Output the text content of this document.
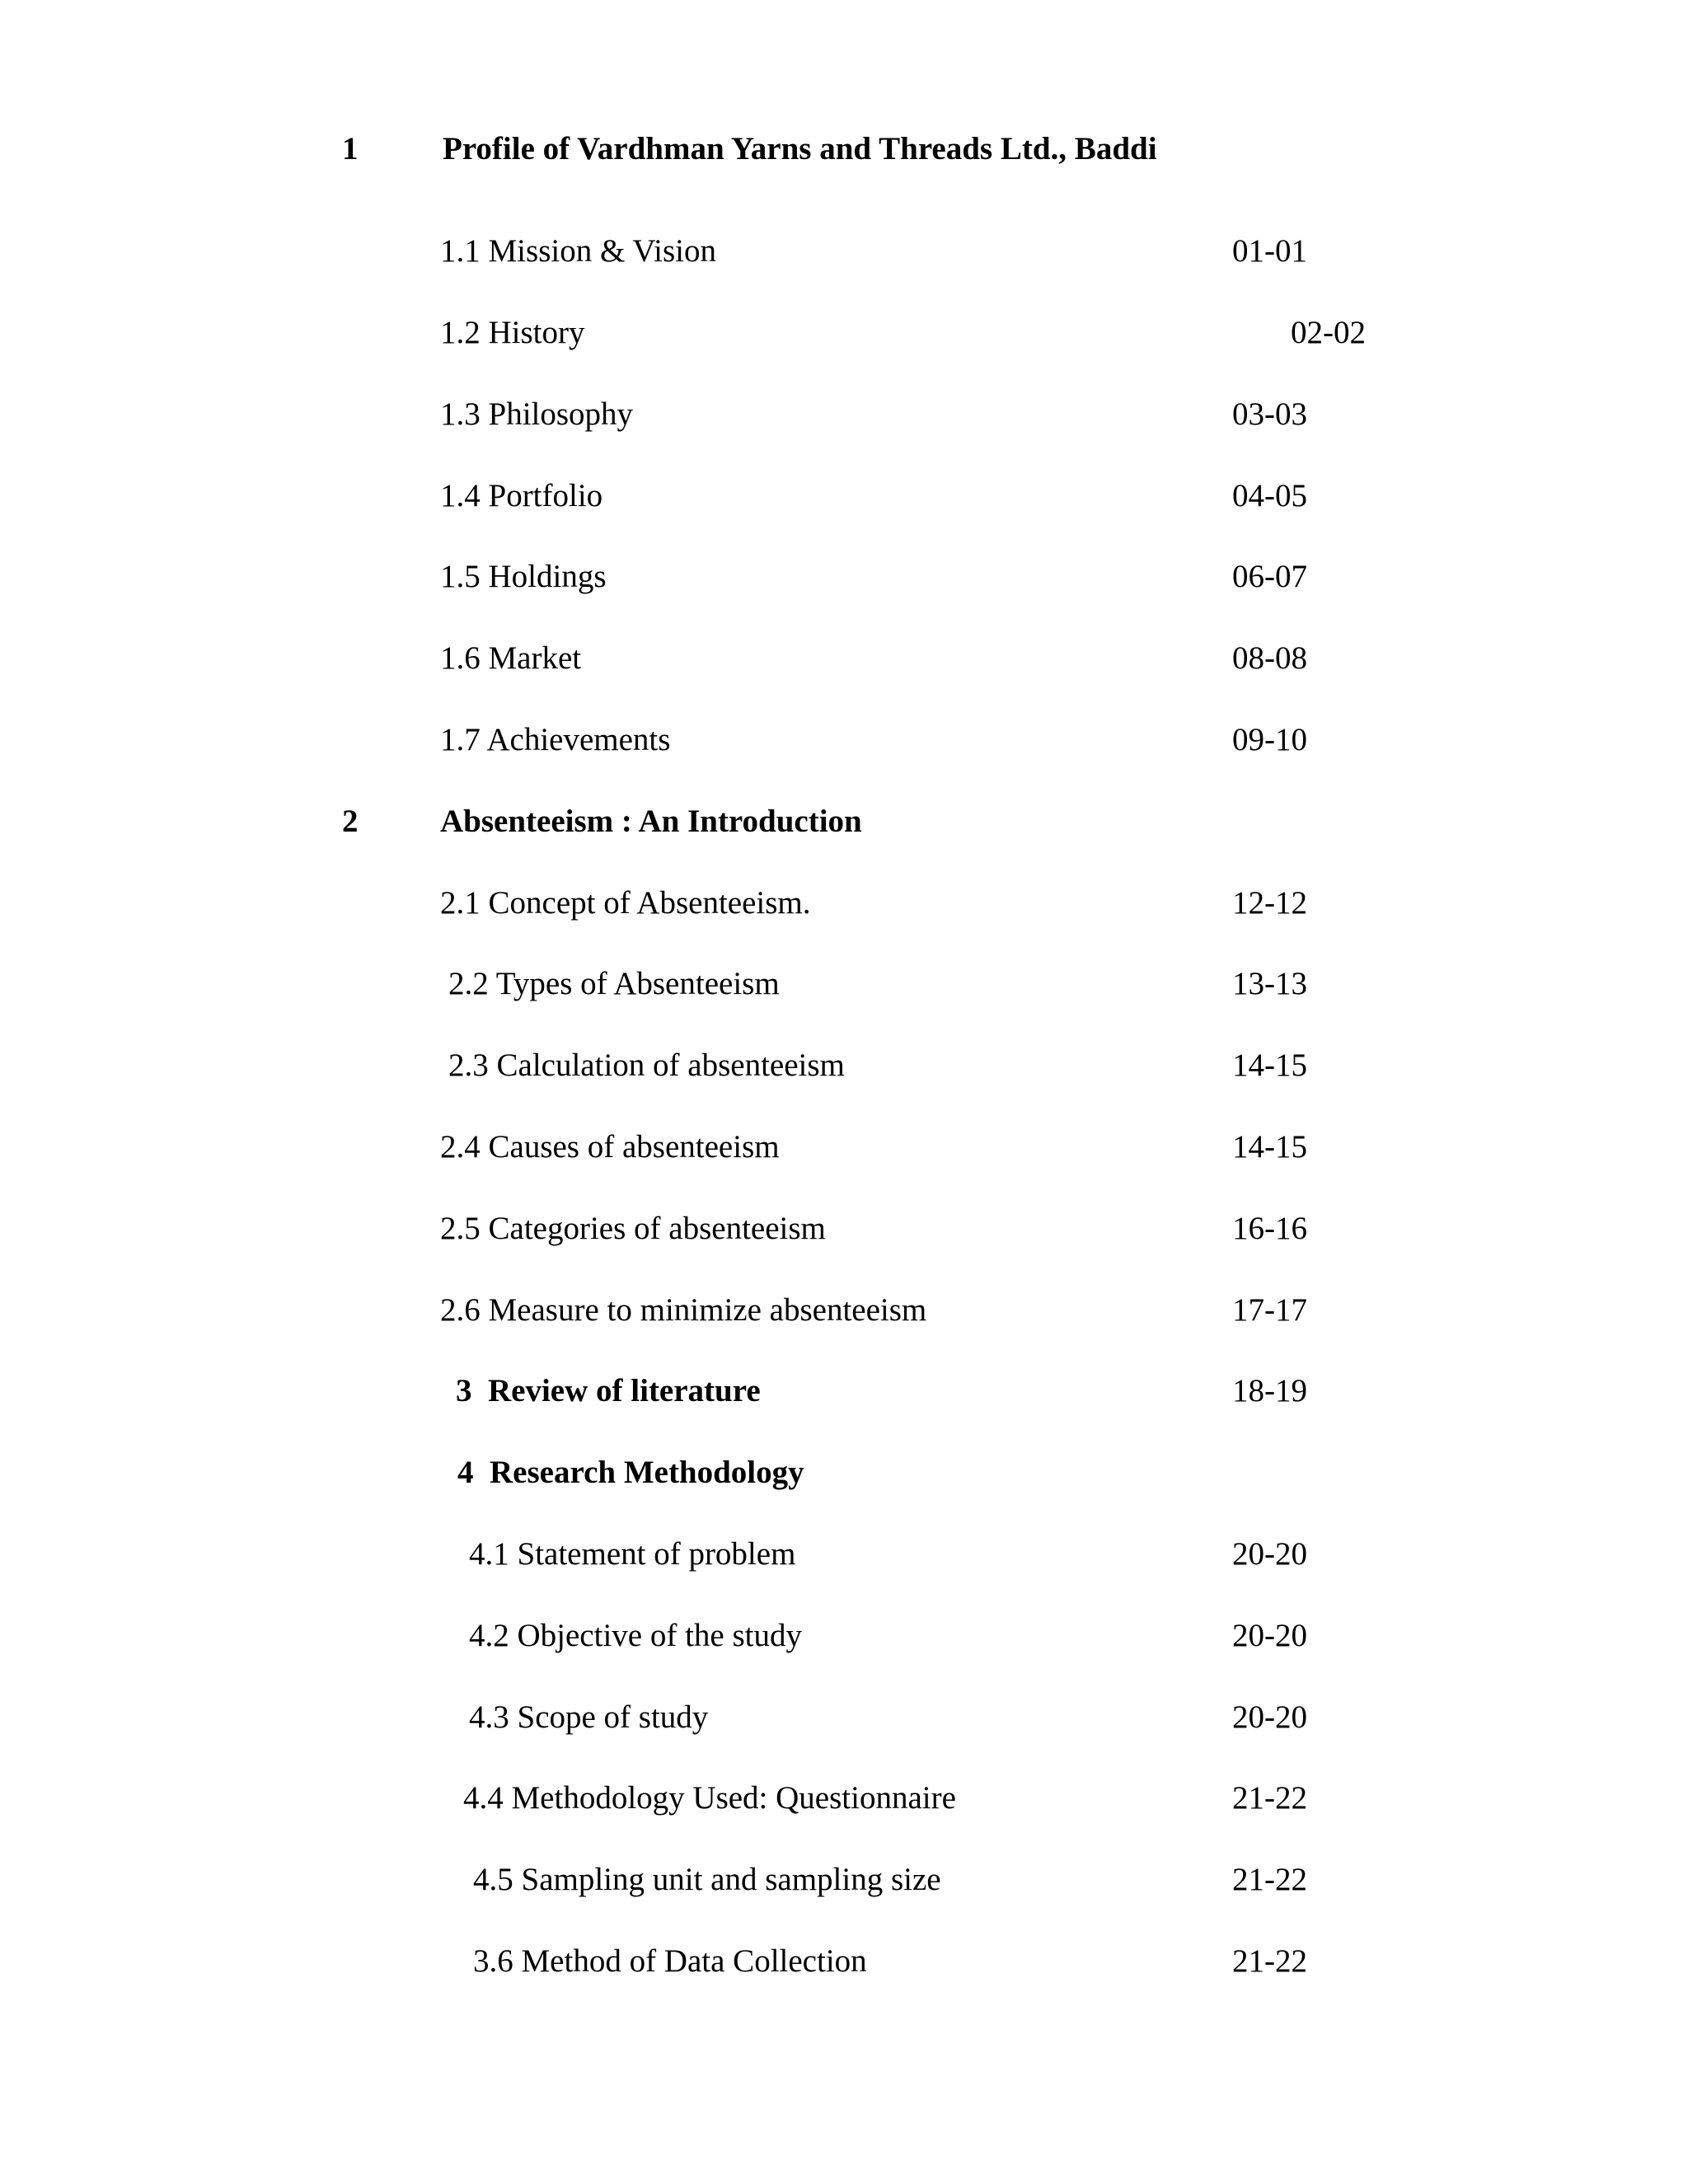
1	Profile of Vardhman Yarns and Threads Ltd., Baddi
1.1 Mission & Vision	01-01
1.2 History	02-02
1.3 Philosophy	03-03
1.4 Portfolio	04-05
1.5 Holdings	06-07
1.6 Market	08-08
1.7 Achievements	09-10
2	Absenteeism : An Introduction
2.1 Concept of Absenteeism.	12-12
2.2 Types of Absenteeism	13-13
2.3 Calculation of absenteeism	14-15
2.4 Causes of absenteeism	14-15
2.5 Categories of absenteeism	16-16
2.6 Measure to minimize absenteeism	17-17
3  Review of literature	18-19
4  Research Methodology
4.1 Statement of problem	20-20
4.2 Objective of the study	20-20
4.3 Scope of study	20-20
4.4 Methodology Used: Questionnaire	21-22
4.5 Sampling unit and sampling size	21-22
3.6 Method of Data Collection	21-22
